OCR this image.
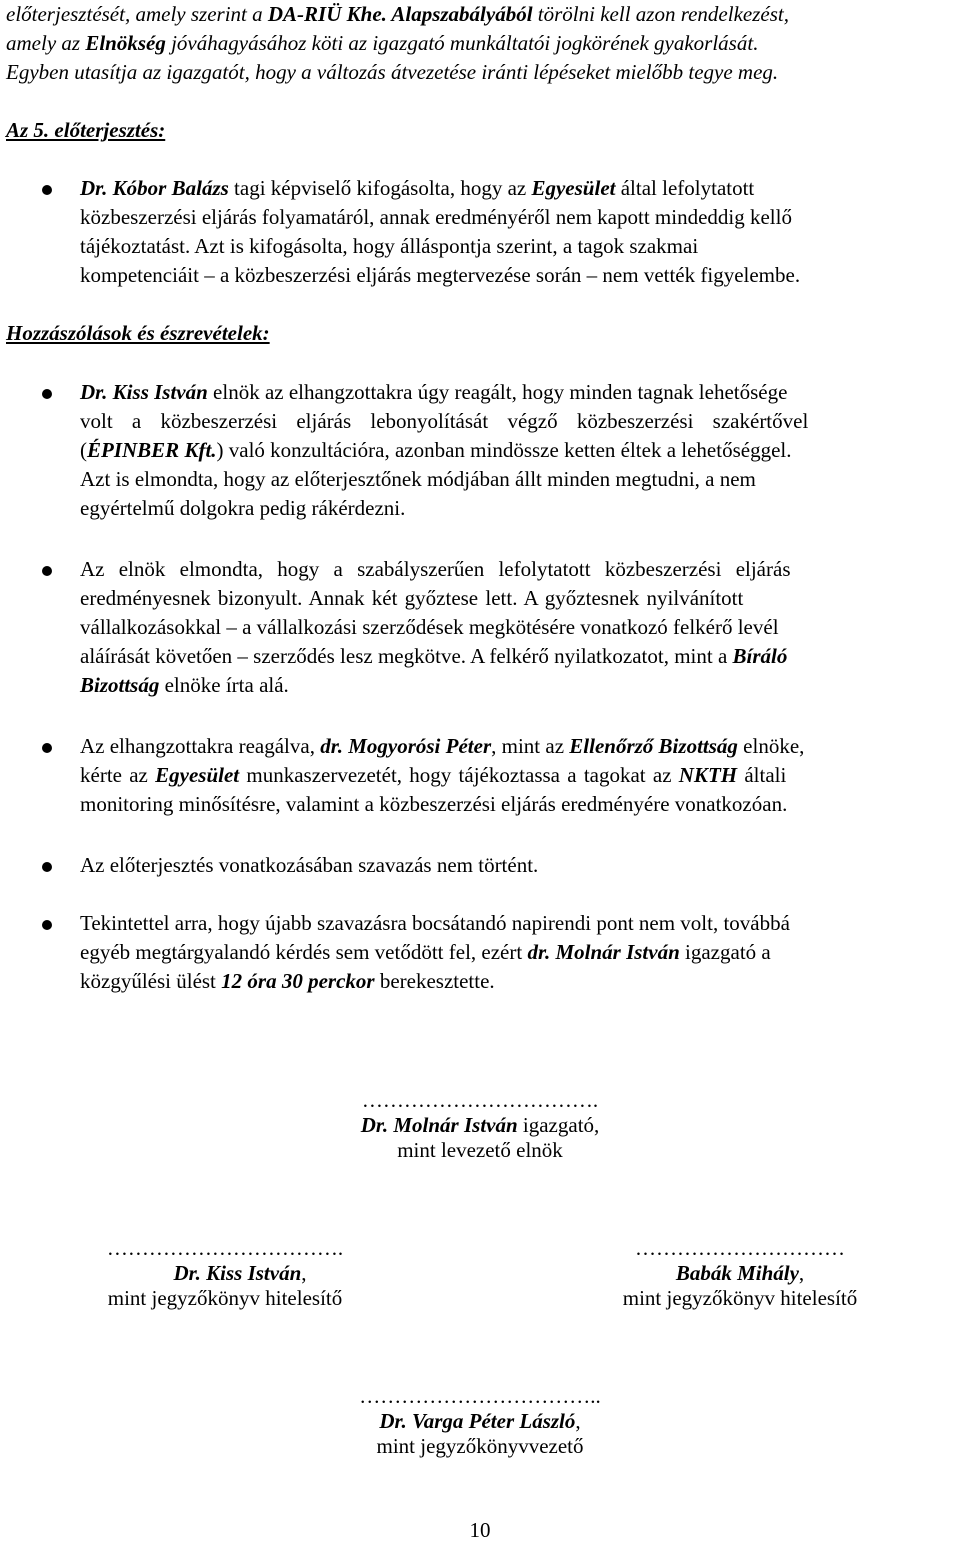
előterjesztését, amely szerint a DA-RIÜ Khe. Alapszabályából törölni kell azon rendelkezést,
amely az Elnökség jóváhagyásához köti az igazgató munkáltatói jogkörének gyakorlását.
Egyben utasítja az igazgatót, hogy a változás átvezetése iránti lépéseket mielőbb tegye meg.
Az 5. előterjesztés:
Dr. Kóbor Balázs tagi képviselő kifogásolta, hogy az Egyesület által lefolytatott
közbeszerzési eljárás folyamatáról, annak eredményéről nem kapott mindeddig kellő
tájékoztatást. Azt is kifogásolta, hogy álláspontja szerint, a tagok szakmai
kompetenciáit – a közbeszerzési eljárás megtervezése során – nem vették figyelembe.
Hozzászólások és észrevételek:
Dr. Kiss István elnök az elhangzottakra úgy reagált, hogy minden tagnak lehetősége
volt a közbeszerzési eljárás lebonyolítását végző közbeszerzési szakértővel
(ÉPINBER Kft.) való konzultációra, azonban mindössze ketten éltek a lehetőséggel.
Azt is elmondta, hogy az előterjesztőnek módjában állt minden megtudni, a nem
egyértelmű dolgokra pedig rákérdezni.
Az elnök elmondta, hogy a szabályszerűen lefolytatott közbeszerzési eljárás
eredményesnek bizonyult. Annak két győztese lett. A győztesnek nyilvánított
vállalkozásokkal – a vállalkozási szerződések megkötésére vonatkozó felkérő levél
aláírását követően – szerződés lesz megkötve. A felkérő nyilatkozatot, mint a Bíráló
Bizottság elnöke írta alá.
Az elhangzottakra reagálva, dr. Mogyorósi Péter, mint az Ellenőrző Bizottság elnöke,
kérte az Egyesület munkaszervezetét, hogy tájékoztassa a tagokat az NKTH általi
monitoring minősítésre, valamint a közbeszerzési eljárás eredményére vonatkozóan.
Az előterjesztés vonatkozásában szavazás nem történt.
Tekintettel arra, hogy újabb szavazásra bocsátandó napirendi pont nem volt, továbbá
egyéb megtárgyalandó kérdés sem vetődött fel, ezért dr. Molnár István igazgató a
közgyűlési ülést 12 óra 30 perckor berekesztette.
…………………………….
Dr. Molnár István igazgató,
mint levezető elnök
…………………………….
Dr. Kiss István,
mint jegyzőkönyv hitelesítő
…………………………
Babák Mihály,
mint jegyzőkönyv hitelesítő
……………………………..
Dr. Varga Péter László,
mint jegyzőkönyvvezető
10
